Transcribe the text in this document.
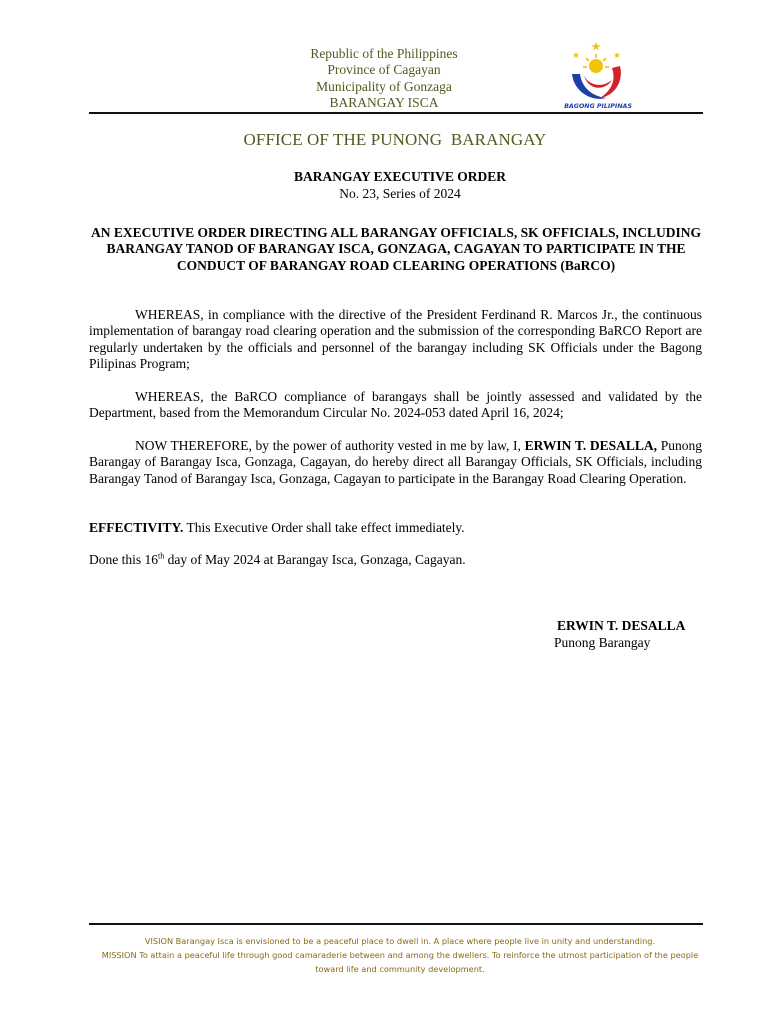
Republic of the Philippines
Province of Cagayan
Municipality of Gonzaga
BARANGAY ISCA	BAGONG PILIPINAS
OFFICE OF THE PUNONG  BARANGAY
BARANGAY EXECUTIVE ORDER
No. 23, Series of 2024
AN EXECUTIVE ORDER DIRECTING ALL BARANGAY OFFICIALS, SK OFFICIALS, INCLUDING BARANGAY TANOD OF BARANGAY ISCA, GONZAGA, CAGAYAN TO PARTICIPATE IN THE CONDUCT OF BARANGAY ROAD CLEARING OPERATIONS (BaRCO)
WHEREAS, in compliance with the directive of the President Ferdinand R. Marcos Jr., the continuous implementation of barangay road clearing operation and the submission of the corresponding BaRCO Report are regularly undertaken by the officials and personnel of the barangay including SK Officials under the Bagong Pilipinas Program;
WHEREAS, the BaRCO compliance of barangays shall be jointly assessed and validated by the Department, based from the Memorandum Circular No. 2024-053 dated April 16, 2024;
NOW THEREFORE, by the power of authority vested in me by law, I, ERWIN T. DESALLA, Punong Barangay of Barangay Isca, Gonzaga, Cagayan, do hereby direct all Barangay Officials, SK Officials, including Barangay Tanod of Barangay Isca, Gonzaga, Cagayan to participate in the Barangay Road Clearing Operation.
EFFECTIVITY. This Executive Order shall take effect immediately.
Done this 16th day of May 2024 at Barangay Isca, Gonzaga, Cagayan.
ERWIN T. DESALLA
Punong Barangay
VISION Barangay Isca is envisioned to be a peaceful place to dwell in. A place where people live in unity and understanding.
MISSION To attain a peaceful life through good camaraderie between and among the dwellers. To reinforce the utmost participation of the people
toward life and community development.
